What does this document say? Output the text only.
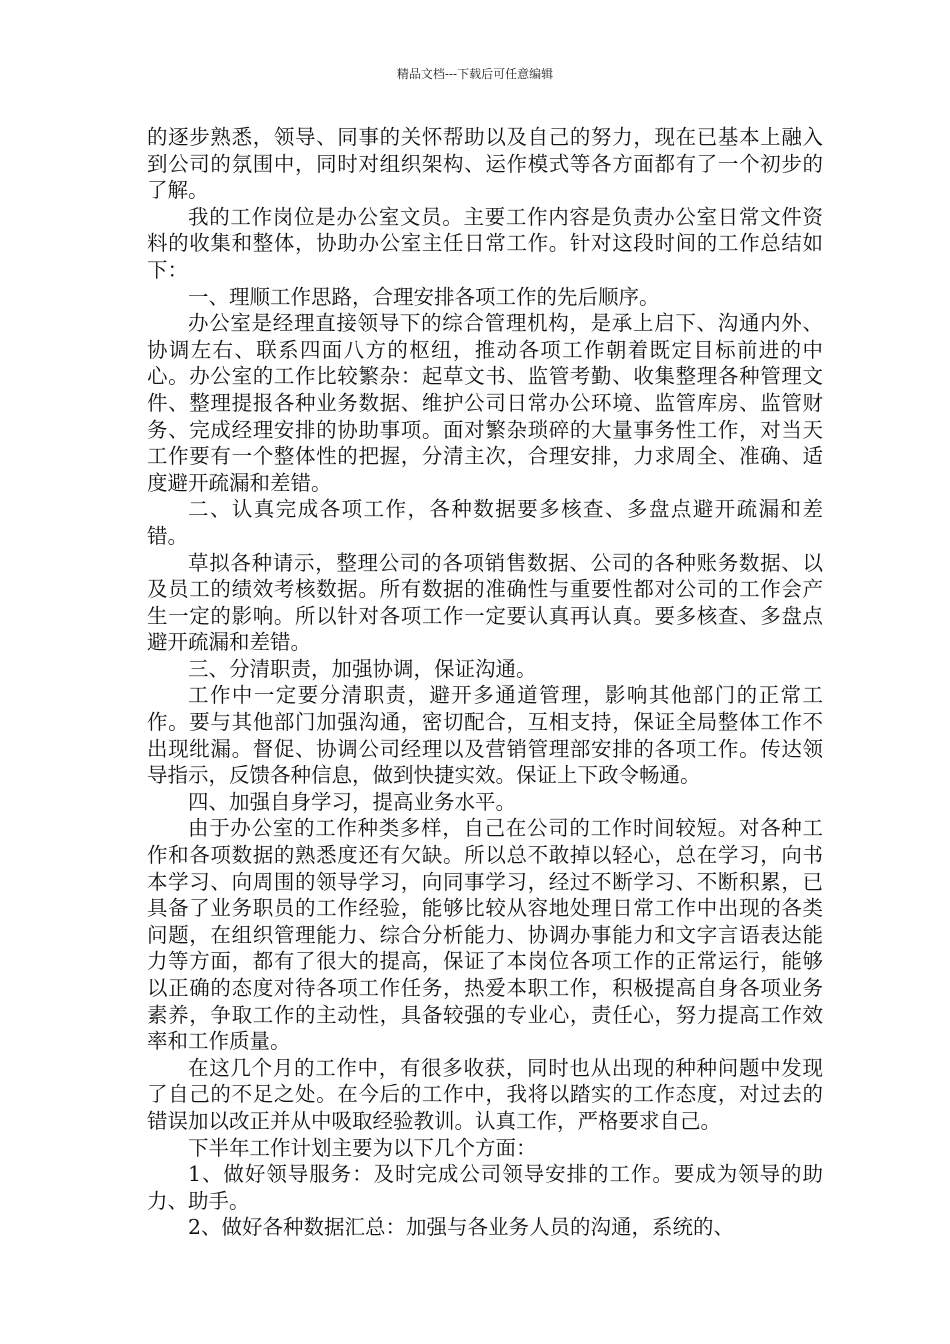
精品文档---下载后可任意编辑

的逐步熟悉，领导、同事的关怀帮助以及自己的努力，现在已基本上融入到公司的氛围中，同时对组织架构、运作模式等各方面都有了一个初步的了解。

我的工作岗位是办公室文员。主要工作内容是负责办公室日常文件资料的收集和整体，协助办公室主任日常工作。针对这段时间的工作总结如下：

一、理顺工作思路，合理安排各项工作的先后顺序。

办公室是经理直接领导下的综合管理机构，是承上启下、沟通内外、协调左右、联系四面八方的枢纽，推动各项工作朝着既定目标前进的中心。办公室的工作比较繁杂：起草文书、监管考勤、收集整理各种管理文件、整理提报各种业务数据、维护公司日常办公环境、监管库房、监管财务、完成经理安排的协助事项。面对繁杂琐碎的大量事务性工作，对当天工作要有一个整体性的把握，分清主次，合理安排，力求周全、准确、适度避开疏漏和差错。

二、认真完成各项工作，各种数据要多核查、多盘点避开疏漏和差错。

草拟各种请示，整理公司的各项销售数据、公司的各种账务数据、以及员工的绩效考核数据。所有数据的准确性与重要性都对公司的工作会产生一定的影响。所以针对各项工作一定要认真再认真。要多核查、多盘点避开疏漏和差错。

三、分清职责，加强协调，保证沟通。

工作中一定要分清职责，避开多通道管理，影响其他部门的正常工作。要与其他部门加强沟通，密切配合，互相支持，保证全局整体工作不出现纰漏。督促、协调公司经理以及营销管理部安排的各项工作。传达领导指示，反馈各种信息，做到快捷实效。保证上下政令畅通。

四、加强自身学习，提高业务水平。

由于办公室的工作种类多样，自己在公司的工作时间较短。对各种工作和各项数据的熟悉度还有欠缺。所以总不敢掉以轻心，总在学习，向书本学习、向周围的领导学习，向同事学习，经过不断学习、不断积累，已具备了业务职员的工作经验，能够比较从容地处理日常工作中出现的各类问题，在组织管理能力、综合分析能力、协调办事能力和文字言语表达能力等方面，都有了很大的提高，保证了本岗位各项工作的正常运行，能够以正确的态度对待各项工作任务，热爱本职工作，积极提高自身各项业务素养，争取工作的主动性，具备较强的专业心，责任心，努力提高工作效率和工作质量。

在这几个月的工作中，有很多收获，同时也从出现的种种问题中发现了自己的不足之处。在今后的工作中，我将以踏实的工作态度，对过去的错误加以改正并从中吸取经验教训。认真工作，严格要求自己。

下半年工作计划主要为以下几个方面：

1、做好领导服务：及时完成公司领导安排的工作。要成为领导的助力、助手。

2、做好各种数据汇总：加强与各业务人员的沟通，系统的、
